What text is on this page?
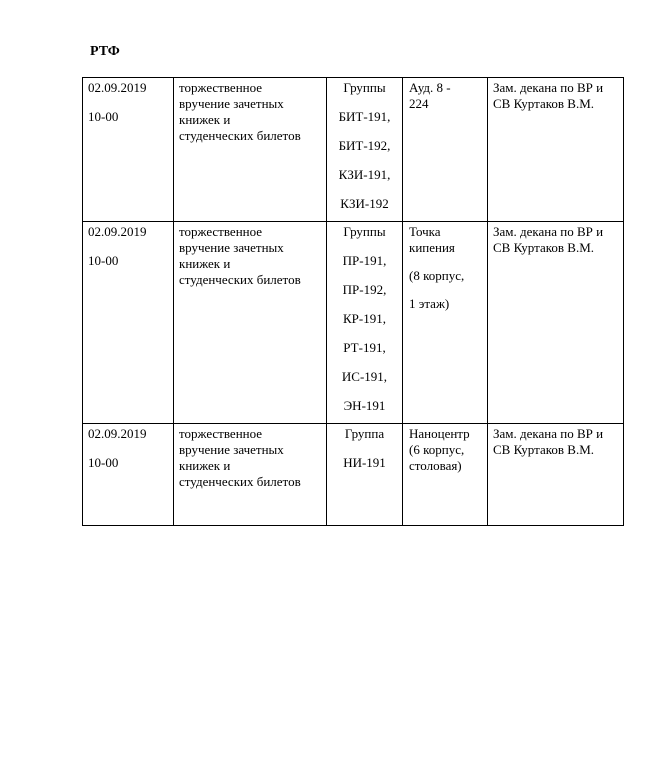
РТФ
02.09.2019
10-00
торжественное
вручение зачетных
книжек и
студенческих билетов
Группы
БИТ-191,
БИТ-192,
КЗИ-191,
КЗИ-192
Ауд. 8 -
224
Зам. декана по ВР и
СВ Куртаков В.М.
02.09.2019
10-00
торжественное
вручение зачетных
книжек и
студенческих билетов
Группы
ПР-191,
ПР-192,
КР-191,
РТ-191,
ИС-191,
ЭН-191
Точка
кипения
(8 корпус,
1 этаж)
Зам. декана по ВР и
СВ Куртаков В.М.
02.09.2019
10-00
торжественное
вручение зачетных
книжек и
студенческих билетов
Группа
НИ-191
Наноцентр
(6 корпус,
столовая)
Зам. декана по ВР и
СВ Куртаков В.М.
